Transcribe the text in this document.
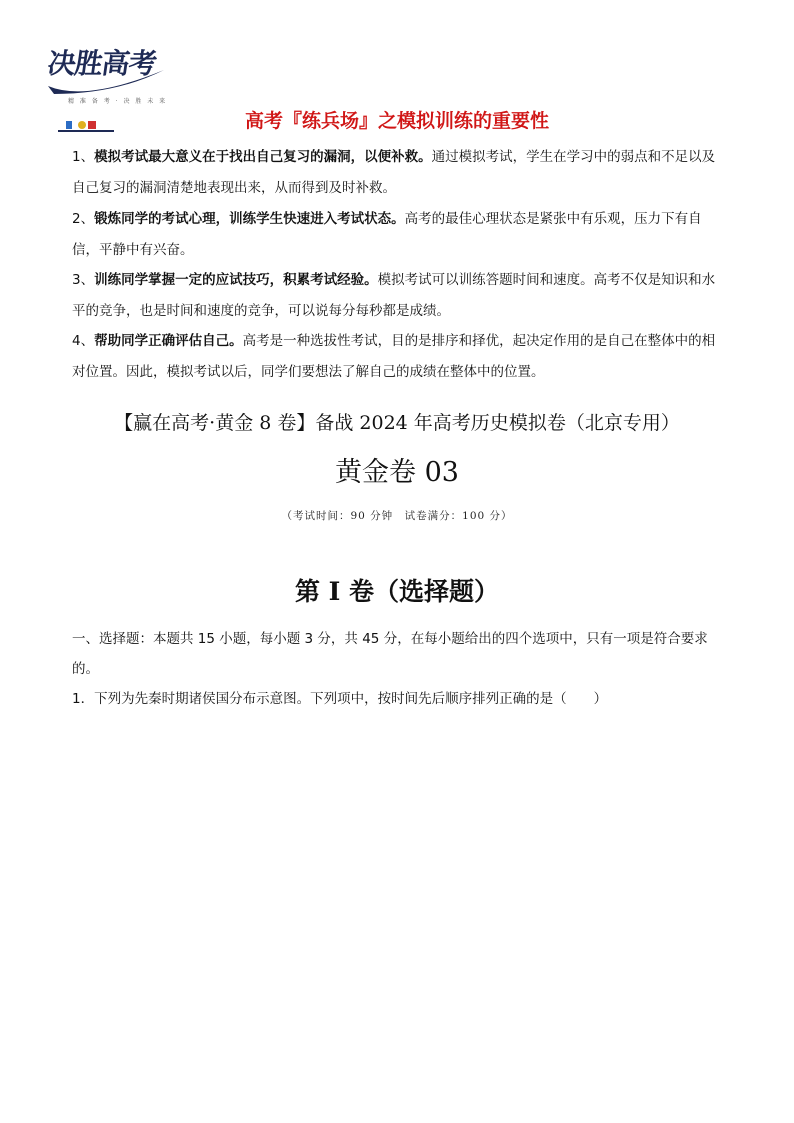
决胜高考
精 准 备 考 · 决 胜 未 来
高考『练兵场』之模拟训练的重要性
1、模拟考试最大意义在于找出自己复习的漏洞，以便补救。通过模拟考试，学生在学习中的弱点和不足以及自己复习的漏洞清楚地表现出来，从而得到及时补救。
2、锻炼同学的考试心理，训练学生快速进入考试状态。高考的最佳心理状态是紧张中有乐观，压力下有自信，平静中有兴奋。
3、训练同学掌握一定的应试技巧，积累考试经验。模拟考试可以训练答题时间和速度。高考不仅是知识和水平的竞争，也是时间和速度的竞争，可以说每分每秒都是成绩。
4、帮助同学正确评估自己。高考是一种选拔性考试，目的是排序和择优，起决定作用的是自己在整体中的相对位置。因此，模拟考试以后，同学们要想法了解自己的成绩在整体中的位置。
【赢在高考·黄金 8 卷】备战 2024 年高考历史模拟卷（北京专用）
黄金卷 03
（考试时间：90 分钟　试卷满分：100 分）
第 I 卷（选择题）
一、选择题：本题共 15 小题，每小题 3 分，共 45 分，在每小题给出的四个选项中，只有一项是符合要求的。
1．下列为先秦时期诸侯国分布示意图。下列项中，按时间先后顺序排列正确的是（　　）
